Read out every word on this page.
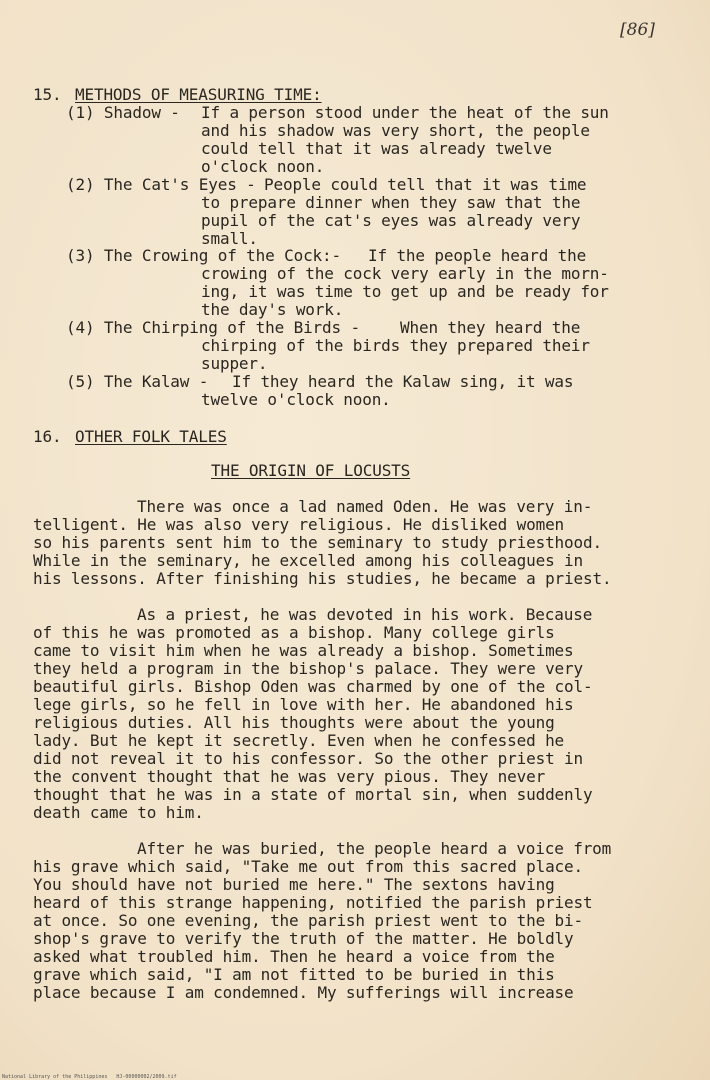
[86]
15. METHODS OF MEASURING TIME:
(1) Shadow - If a person stood under the heat of the sun
and his shadow was very short, the people
could tell that it was already twelve
o'clock noon.
(2) The Cat's Eyes - People could tell that it was time
to prepare dinner when they saw that the
pupil of the cat's eyes was already very
small.
(3) The Crowing of the Cock:- If the people heard the
crowing of the cock very early in the morn-
ing, it was time to get up and be ready for
the day's work.
(4) The Chirping of the Birds -	When they heard the
chirping of the birds they prepared their
supper.
(5) The Kalaw - If they heard the Kalaw sing, it was
twelve o'clock noon.
16. OTHER FOLK TALES
THE ORIGIN OF LOCUSTS
There was once a lad named Oden. He was very in-
telligent. He was also very religious. He disliked women
so his parents sent him to the seminary to study priesthood.
While in the seminary, he excelled among his colleagues in
his lessons. After finishing his studies, he became a priest.
As a priest, he was devoted in his work. Because
of this he was promoted as a bishop. Many college girls
came to visit him when he was already a bishop. Sometimes
they held a program in the bishop's palace. They were very
beautiful girls. Bishop Oden was charmed by one of the col-
lege girls, so he fell in love with her. He abandoned his
religious duties. All his thoughts were about the young
lady. But he kept it secretly. Even when he confessed he
did not reveal it to his confessor. So the other priest in
the convent thought that he was very pious. They never
thought that he was in a state of mortal sin, when suddenly
death came to him.
After he was buried, the people heard a voice from
his grave which said, "Take me out from this sacred place.
You should have not buried me here." The sextons having
heard of this strange happening, notified the parish priest
at once. So one evening, the parish priest went to the bi-
shop's grave to verify the truth of the matter. He boldly
asked what troubled him. Then he heard a voice from the
grave which said, "I am not fitted to be buried in this
place because I am condemned. My sufferings will increase
National Library of the Philippines   HJ-00000002/2009.tif
